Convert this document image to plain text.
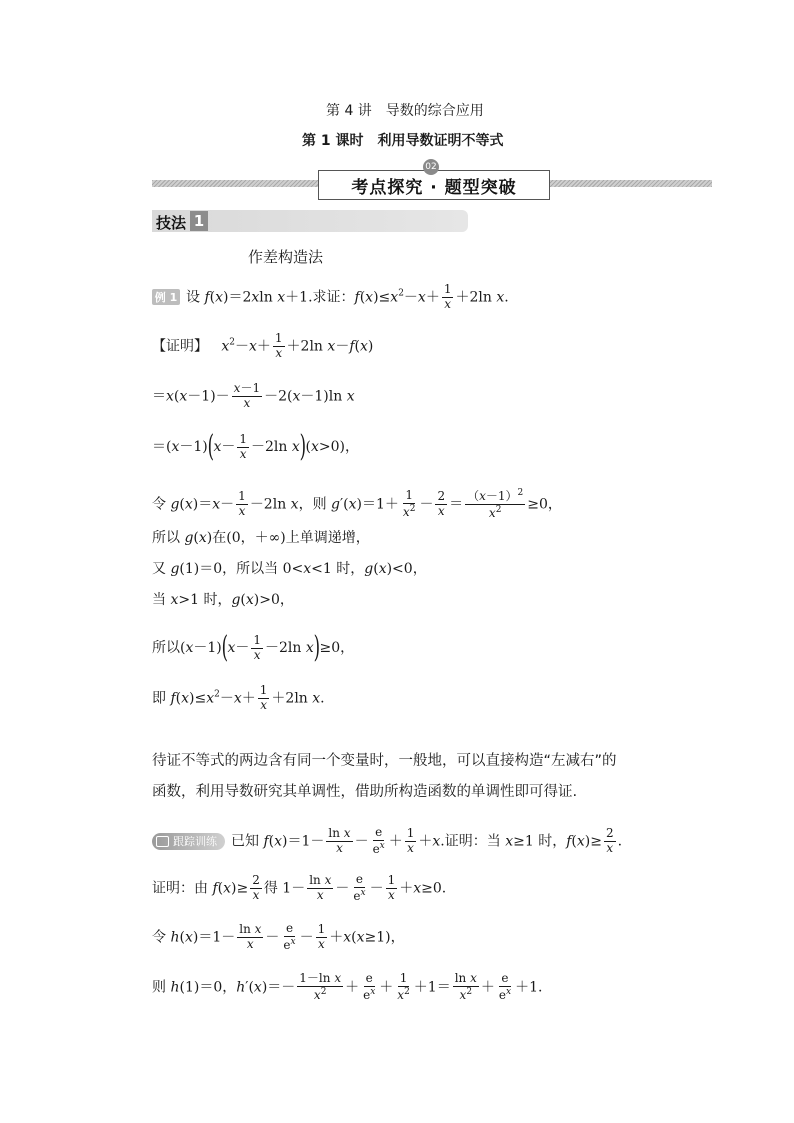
第 4 讲　导数的综合应用
第 1 课时　利用导数证明不等式
考点探究 · 题型突破
02
技法 1
作差构造法
例 1 设 f(x)＝2xln x＋1.求证：$f(x)\le x^2-x+ \frac{1}{x} +2\ln$ x.
【证明】 $x^2-x+ \frac{1}{x} +2\ln$ x－f(x)
$=x(x-1)- \frac{x-1}{x} -2(x-1)\ln$ x
$=(x-1)(x- \frac{1}{x} -2\ln$ x)(x>0)，
令 $g(x)=x- \frac{1}{x} -2\ln$ x，则 $g'(x)=1+ \frac{1}{x^2} - \frac{2}{x} = \frac{(x-1)^2}{x^2} \ge 0$，
所以 g(x)在(0，＋∞)上单调递增，
又 g(1)＝0，所以当 0<x<1 时，g(x)<0，
当 x>1 时，g(x)>0，
所以$(x-1)(x- \frac{1}{x} -2\ln$ x)≥0，
即 $f(x)\le x^2-x+ \frac{1}{x} +2\ln$ x.
待证不等式的两边含有同一个变量时，一般地，可以直接构造“左减右”的
函数，利用导数研究其单调性，借助所构造函数的单调性即可得证.
跟踪训练 已知 $f(x)=1- \frac{\text{ln x}}{x} - \frac{e}{e^x} + \frac{1}{x} +x$.证明：当 x≥1 时，$f(x)\ge \frac{2}{x}$ .
证明：由 $f(x)\ge \frac{2}{x}$ 得 $1- \frac{\text{ln x}}{x} - \frac{e}{e^x} - \frac{1}{x} +x\ge 0$.
令 $h(x)=1- \frac{\text{ln x}}{x} - \frac{e}{e^x} - \frac{1}{x} +x(x\ge 1)$，
则 h(1)＝0，$h'(x)=- \frac{\text{1－ln x}}{x^2} + \frac{e}{e^x} + \frac{1}{x^2} +1= \frac{\text{ln x}}{x^2} + \frac{e}{e^x} +1$.
